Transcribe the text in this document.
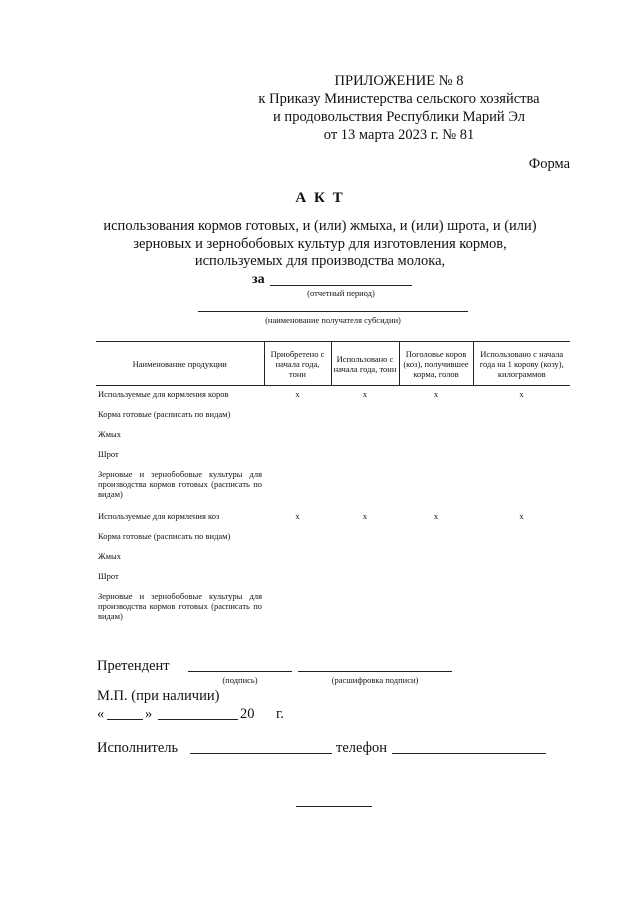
ПРИЛОЖЕНИЕ № 8
к Приказу Министерства сельского хозяйства
и продовольствия Республики Марий Эл
от 13 марта 2023 г. № 81
Форма
А К Т
использования кормов готовых, и (или) жмыха, и (или) шрота, и (или)
зерновых и зернобобовых культур для изготовления кормов,
используемых для производства молока,
за
(отчетный период)
(наименование получателя субсидии)
Наименование продукции	Приобретено с начала года, тонн	Использовано с начала года, тонн	Поголовье коров (коз), получившее корма, голов	Использовано с начала года на 1 корову (козу), килограммов
Используемые для кормления коров	x	x	x	x
Корма готовые (расписать по видам)				
Жмых				
Шрот				
Зерновые и зернобобовые культуры для производства кормов готовых (расписать по видам)				
Используемые для кормления коз	x	x	x	x
Корма готовые (расписать по видам)				
Жмых				
Шрот				
Зерновые и зернобобовые культуры для производства кормов готовых (расписать по видам)				
Претендент
(подпись)	(расшифровка подписи)
М.П. (при наличии)
«	»	20 г.
Исполнитель	телефон
